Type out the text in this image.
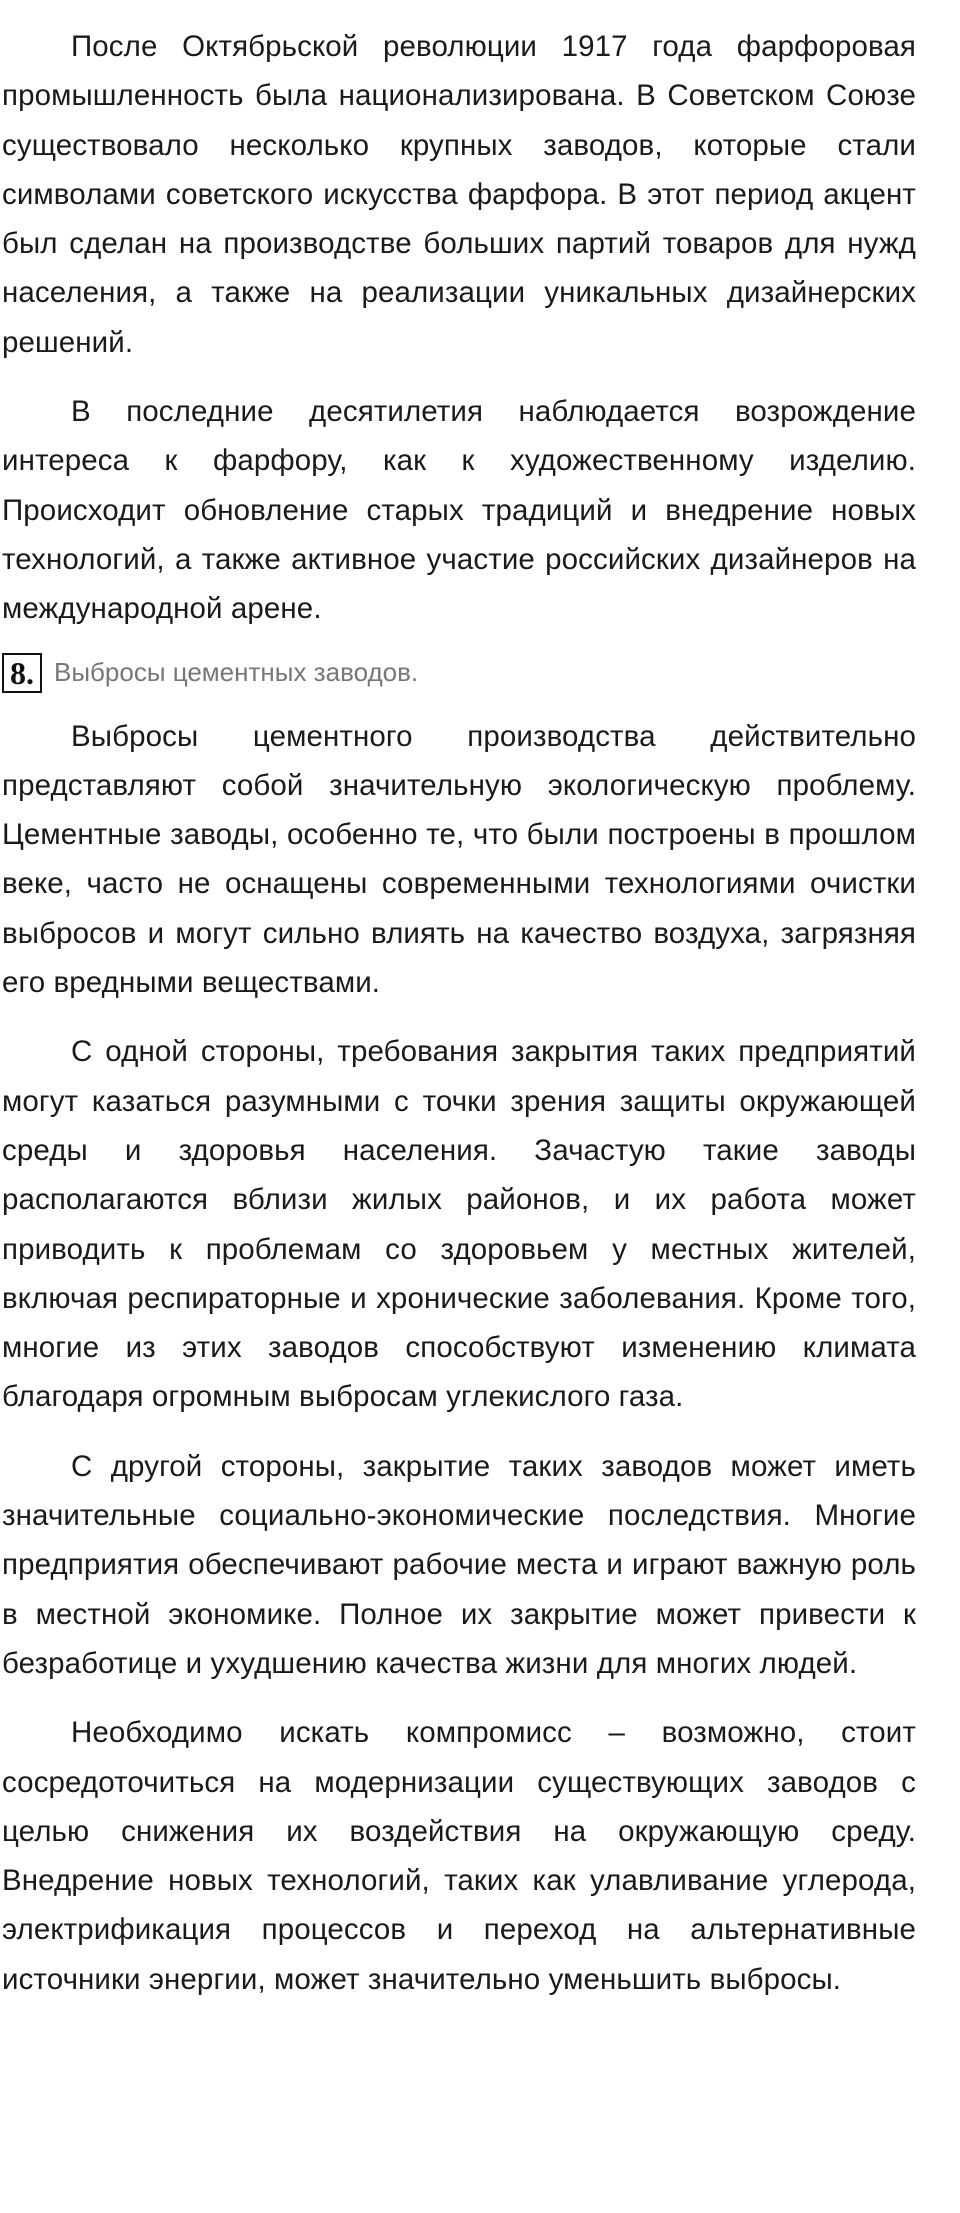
После Октябрьской революции 1917 года фарфоровая промышленность была национализирована. В Советском Союзе существовало несколько крупных заводов, которые стали символами советского искусства фарфора. В этот период акцент был сделан на производстве больших партий товаров для нужд населения, а также на реализации уникальных дизайнерских решений.

В последние десятилетия наблюдается возрождение интереса к фарфору, как к художественному изделию. Происходит обновление старых традиций и внедрение новых технологий, а также активное участие российских дизайнеров на международной арене.

8. Выбросы цементных заводов.

Выбросы цементного производства действительно представляют собой значительную экологическую проблему. Цементные заводы, особенно те, что были построены в прошлом веке, часто не оснащены современными технологиями очистки выбросов и могут сильно влиять на качество воздуха, загрязняя его вредными веществами.

С одной стороны, требования закрытия таких предприятий могут казаться разумными с точки зрения защиты окружающей среды и здоровья населения. Зачастую такие заводы располагаются вблизи жилых районов, и их работа может приводить к проблемам со здоровьем у местных жителей, включая респираторные и хронические заболевания. Кроме того, многие из этих заводов способствуют изменению климата благодаря огромным выбросам углекислого газа.

С другой стороны, закрытие таких заводов может иметь значительные социально-экономические последствия. Многие предприятия обеспечивают рабочие места и играют важную роль в местной экономике. Полное их закрытие может привести к безработице и ухудшению качества жизни для многих людей.

Необходимо искать компромисс – возможно, стоит сосредоточиться на модернизации существующих заводов с целью снижения их воздействия на окружающую среду. Внедрение новых технологий, таких как улавливание углерода, электрификация процессов и переход на альтернативные источники энергии, может значительно уменьшить выбросы.
